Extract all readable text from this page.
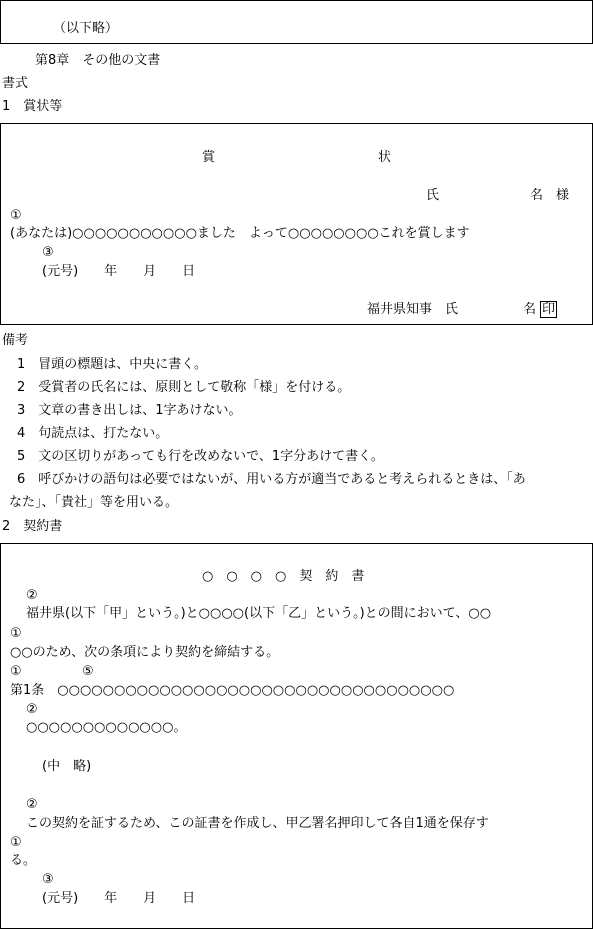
（以下略）
第8章　その他の文書
書式
1　賞状等
賞	状
氏	名　様
①
(あなたは)○○○○○○○○○○○ました　よって○○○○○○○○これを賞します
③
(元号)　　年　　月　　日
福井県知事　氏　　　　　名 印
備考
1　冒頭の標題は、中央に書く。
2　受賞者の氏名には、原則として敬称「様」を付ける。
3　文章の書き出しは、1字あけない。
4　句読点は、打たない。
5　文の区切りがあっても行を改めないで、1字分あけて書く。
6　呼びかけの語句は必要ではないが、用いる方が適当であると考えられるときは、「あ
なた」、「貴社」等を用いる。
2　契約書
○　○　○　○　契　約　書
②
福井県(以下「甲」という。)と○○○○(以下「乙」という。)との間において、○○
①
○○のため、次の条項により契約を締結する。
①	⑤
第1条　○○○○○○○○○○○○○○○○○○○○○○○○○○○○○○○○○○○
②
○○○○○○○○○○○○○。
(中　略)
②
この契約を証するため、この証書を作成し、甲乙署名押印して各自1通を保存す
①
る。
③
(元号)　　年　　月　　日
